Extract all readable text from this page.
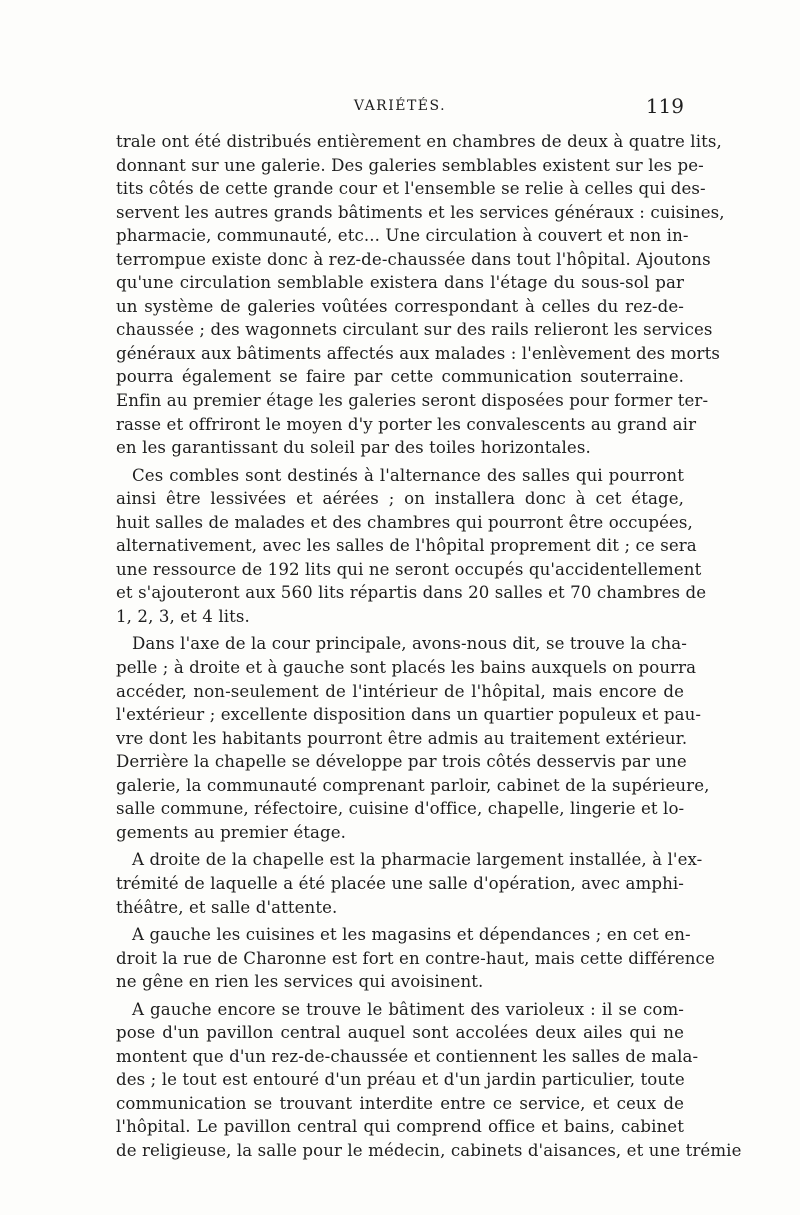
VARIÉTÉS.	119
trale ont été distribués entièrement en chambres de deux à quatre lits,
donnant sur une galerie. Des galeries semblables existent sur les pe-
tits côtés de cette grande cour et l'ensemble se relie à celles qui des-
servent les autres grands bâtiments et les services généraux : cuisines,
pharmacie, communauté, etc... Une circulation à couvert et non in-
terrompue existe donc à rez-de-chaussée dans tout l'hôpital. Ajoutons
qu'une circulation semblable existera dans l'étage du sous-sol par
un système de galeries voûtées correspondant à celles du rez-de-
chaussée ; des wagonnets circulant sur des rails relieront les services
généraux aux bâtiments affectés aux malades : l'enlèvement des morts
pourra également se faire par cette communication souterraine.
Enfin au premier étage les galeries seront disposées pour former ter-
rasse et offriront le moyen d'y porter les convalescents au grand air
en les garantissant du soleil par des toiles horizontales.
Ces combles sont destinés à l'alternance des salles qui pourront
ainsi être lessivées et aérées ; on installera donc à cet étage,
huit salles de malades et des chambres qui pourront être occupées,
alternativement, avec les salles de l'hôpital proprement dit ; ce sera
une ressource de 192 lits qui ne seront occupés qu'accidentellement
et s'ajouteront aux 560 lits répartis dans 20 salles et 70 chambres de
1, 2, 3, et 4 lits.
Dans l'axe de la cour principale, avons-nous dit, se trouve la cha-
pelle ; à droite et à gauche sont placés les bains auxquels on pourra
accéder, non-seulement de l'intérieur de l'hôpital, mais encore de
l'extérieur ; excellente disposition dans un quartier populeux et pau-
vre dont les habitants pourront être admis au traitement extérieur.
Derrière la chapelle se développe par trois côtés desservis par une
galerie, la communauté comprenant parloir, cabinet de la supérieure,
salle commune, réfectoire, cuisine d'office, chapelle, lingerie et lo-
gements au premier étage.
A droite de la chapelle est la pharmacie largement installée, à l'ex-
trémité de laquelle a été placée une salle d'opération, avec amphi-
théâtre, et salle d'attente.
A gauche les cuisines et les magasins et dépendances ; en cet en-
droit la rue de Charonne est fort en contre-haut, mais cette différence
ne gêne en rien les services qui avoisinent.
A gauche encore se trouve le bâtiment des varioleux : il se com-
pose d'un pavillon central auquel sont accolées deux ailes qui ne
montent que d'un rez-de-chaussée et contiennent les salles de mala-
des ; le tout est entouré d'un préau et d'un jardin particulier, toute
communication se trouvant interdite entre ce service, et ceux de
l'hôpital. Le pavillon central qui comprend office et bains, cabinet
de religieuse, la salle pour le médecin, cabinets d'aisances, et une trémie
